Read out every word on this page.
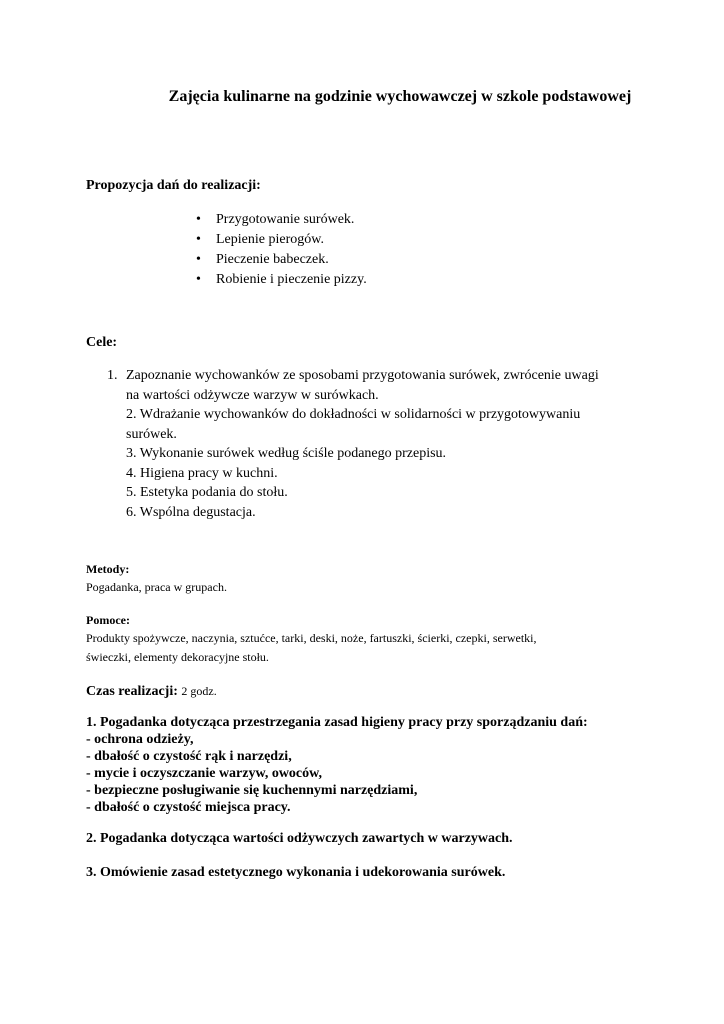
Zajęcia kulinarne na godzinie wychowawczej w szkole podstawowej

Propozycja dań do realizacji:

• Przygotowanie surówek.
• Lepienie pierogów.
• Pieczenie babeczek.
• Robienie i pieczenie pizzy.

Cele:

1. Zapoznanie wychowanków ze sposobami przygotowania surówek, zwrócenie uwagi

na wartości odżywcze warzyw w surówkach.

2. Wdrażanie wychowanków do dokładności w solidarności w przygotowywaniu

surówek.

3. Wykonanie surówek według ściśle podanego przepisu.

4. Higiena pracy w kuchni.

5. Estetyka podania do stołu.

6. Wspólna degustacja.

Metody:

Pogadanka, praca w grupach.

Pomoce:

Produkty spożywcze, naczynia, sztućce, tarki, deski, noże, fartuszki, ścierki, czepki, serwetki,

świeczki, elementy dekoracyjne stołu.

Czas realizacji: 2 godz.

1. Pogadanka dotycząca przestrzegania zasad higieny pracy przy sporządzaniu dań:
- ochrona odzieży,
- dbałość o czystość rąk i narzędzi,
- mycie i oczyszczanie warzyw, owoców,
- bezpieczne posługiwanie się kuchennymi narzędziami,
- dbałość o czystość miejsca pracy.

2. Pogadanka dotycząca wartości odżywczych zawartych w warzywach.

3. Omówienie zasad estetycznego wykonania i udekorowania surówek.
